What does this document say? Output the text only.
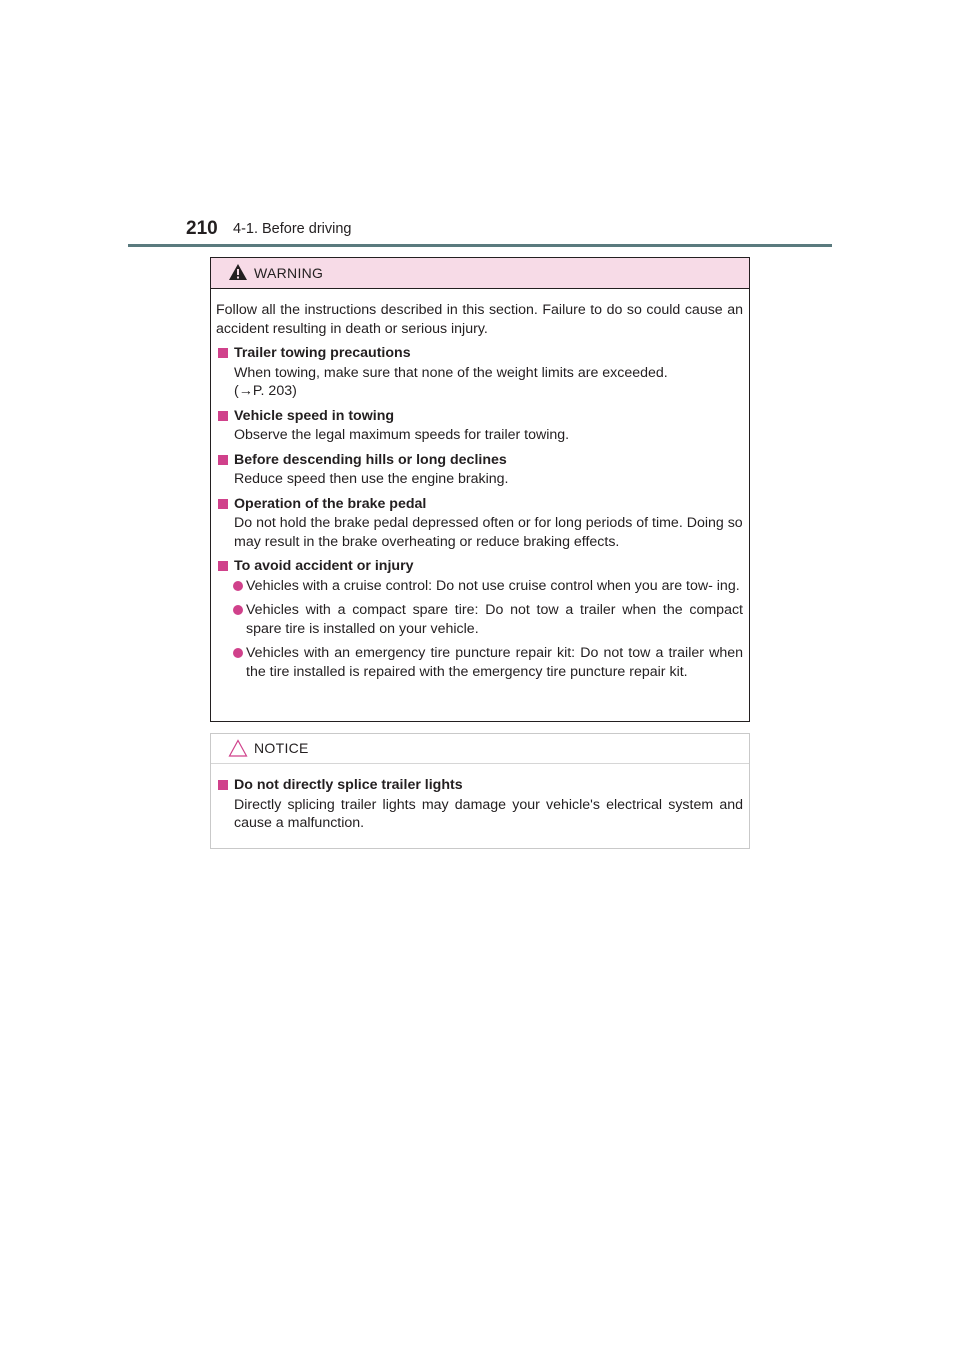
210 4-1. Before driving
WARNING

Follow all the instructions described in this section. Failure to do so could cause an accident resulting in death or serious injury.

Trailer towing precautions

When towing, make sure that none of the weight limits are exceeded.
(→P. 203)

Vehicle speed in towing

Observe the legal maximum speeds for trailer towing.

Before descending hills or long declines

Reduce speed then use the engine braking.

Operation of the brake pedal

Do not hold the brake pedal depressed often or for long periods of time. Doing so may result in the brake overheating or reduce braking effects.

To avoid accident or injury

Vehicles with a cruise control: Do not use cruise control when you are tow- ing.

Vehicles with a compact spare tire: Do not tow a trailer when the compact spare tire is installed on your vehicle.

Vehicles with an emergency tire puncture repair kit: Do not tow a trailer when the tire installed is repaired with the emergency tire puncture repair kit.

NOTICE

Do not directly splice trailer lights

Directly splicing trailer lights may damage your vehicle's electrical system and cause a malfunction.
